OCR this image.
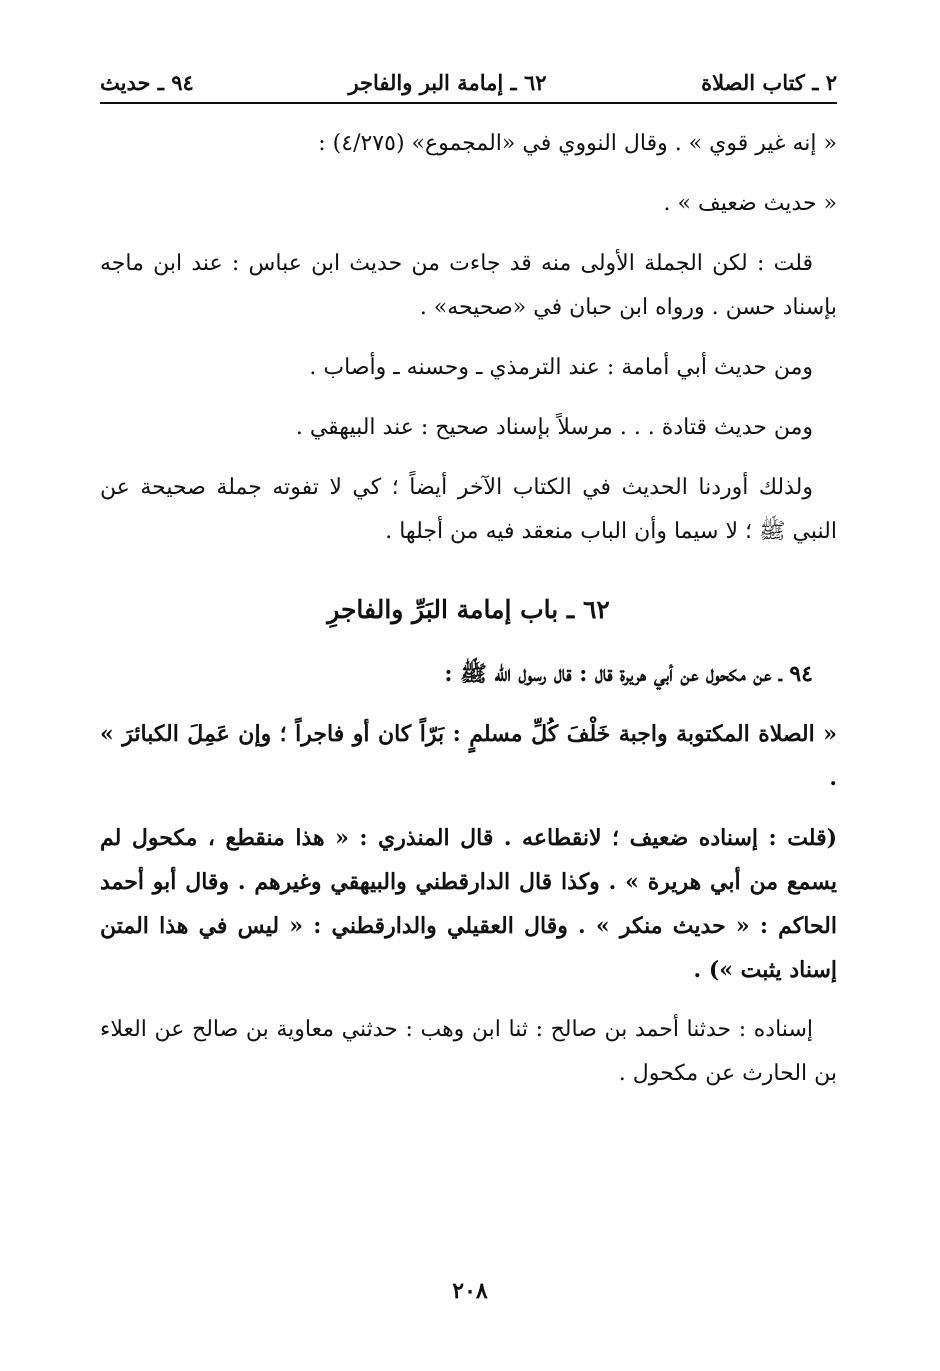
٢ ـ كتاب الصلاة
٦٢ ـ إمامة البر والفاجر
٩٤ ـ حديث

« إنه غير قوي » . وقال النووي في «المجموع» (٤/٢٧٥) :

« حديث ضعيف » .

قلت : لكن الجملة الأولى منه قد جاءت من حديث ابن عباس : عند ابن ماجه بإسناد حسن . ورواه ابن حبان في «صحيحه» .

ومن حديث أبي أمامة : عند الترمذي ـ وحسنه ـ وأصاب .

ومن حديث قتادة . . . مرسلاً بإسناد صحيح : عند البيهقي .

ولذلك أوردنا الحديث في الكتاب الآخر أيضاً ؛ كي لا تفوته جملة صحيحة عن النبي ﷺ ؛ لا سيما وأن الباب منعقد فيه من أجلها .

٦٢ ـ باب إمامة البَرِّ والفاجرِ

٩٤ ـ عن مكحول عن أبي هريرة قال : قال رسول الله ﷺ :

« الصلاة المكتوبة واجبة خَلْفَ كُلِّ مسلمٍ : بَرّاً كان أو فاجراً ؛ وإن عَمِلَ الكبائرَ » .

(قلت : إسناده ضعيف ؛ لانقطاعه . قال المنذري : « هذا منقطع ، مكحول لم يسمع من أبي هريرة » . وكذا قال الدارقطني والبيهقي وغيرهم . وقال أبو أحمد الحاكم : « حديث منكر » . وقال العقيلي والدارقطني : « ليس في هذا المتن إسناد يثبت ») .

إسناده : حدثنا أحمد بن صالح : ثنا ابن وهب : حدثني معاوية بن صالح عن العلاء بن الحارث عن مكحول .

٢٠٨
